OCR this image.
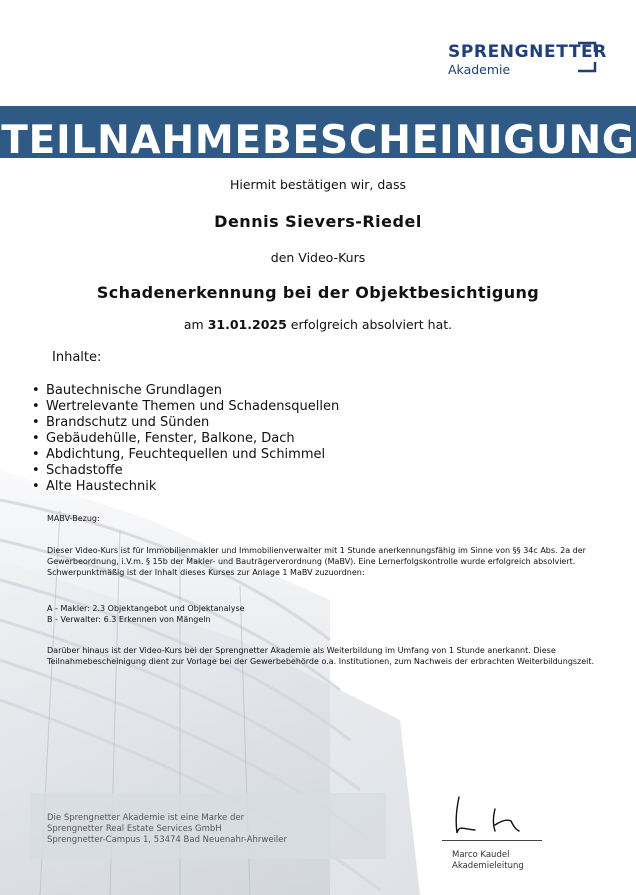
SPRENGNETTER
Akademie
TEILNAHMEBESCHEINIGUNG
Hiermit bestätigen wir, dass
Dennis Sievers-Riedel
den Video-Kurs
Schadenerkennung bei der Objektbesichtigung
am 31.01.2025 erfolgreich absolviert hat.
Inhalte:
• Bautechnische Grundlagen
• Wertrelevante Themen und Schadensquellen
• Brandschutz und Sünden
• Gebäudehülle, Fenster, Balkone, Dach
• Abdichtung, Feuchtequellen und Schimmel
• Schadstoffe
• Alte Haustechnik
MABV-Bezug:
Dieser Video-Kurs ist für Immobilienmakler und Immobilienverwalter mit 1 Stunde anerkennungsfähig im Sinne von §§ 34c Abs. 2a der Gewerbeordnung, i.V.m. § 15b der Makler- und Bauträgerverordnung (MaBV). Eine Lernerfolgskontrolle wurde erfolgreich absolviert. Schwerpunktmäßig ist der Inhalt dieses Kurses zur Anlage 1 MaBV zuzuordnen:
A - Makler: 2.3 Objektangebot und Objektanalyse
B - Verwalter: 6.3 Erkennen von Mängeln
Darüber hinaus ist der Video-Kurs bei der Sprengnetter Akademie als Weiterbildung im Umfang von 1 Stunde anerkannt. Diese Teilnahmebescheinigung dient zur Vorlage bei der Gewerbebehörde o.a. Institutionen, zum Nachweis der erbrachten Weiterbildungszeit.
Die Sprengnetter Akademie ist eine Marke der
Sprengnetter Real Estate Services GmbH
Sprengnetter-Campus 1, 53474 Bad Neuenahr-Ahrweiler
Marco Kaudel
Akademieleitung
